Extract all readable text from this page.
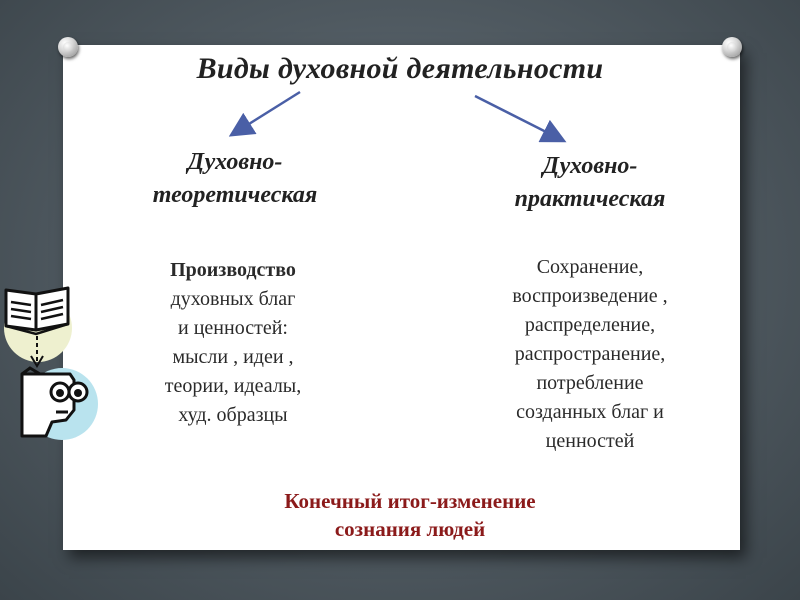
Виды духовной деятельности
Духовно-
теоретическая
Духовно-
практическая
Производство
духовных благ
и ценностей:
мысли , идеи ,
теории, идеалы,
худ. образцы
Сохранение,
воспроизведение ,
распределение,
распространение,
потребление
созданных благ и
ценностей
Конечный итог-изменение
сознания людей
